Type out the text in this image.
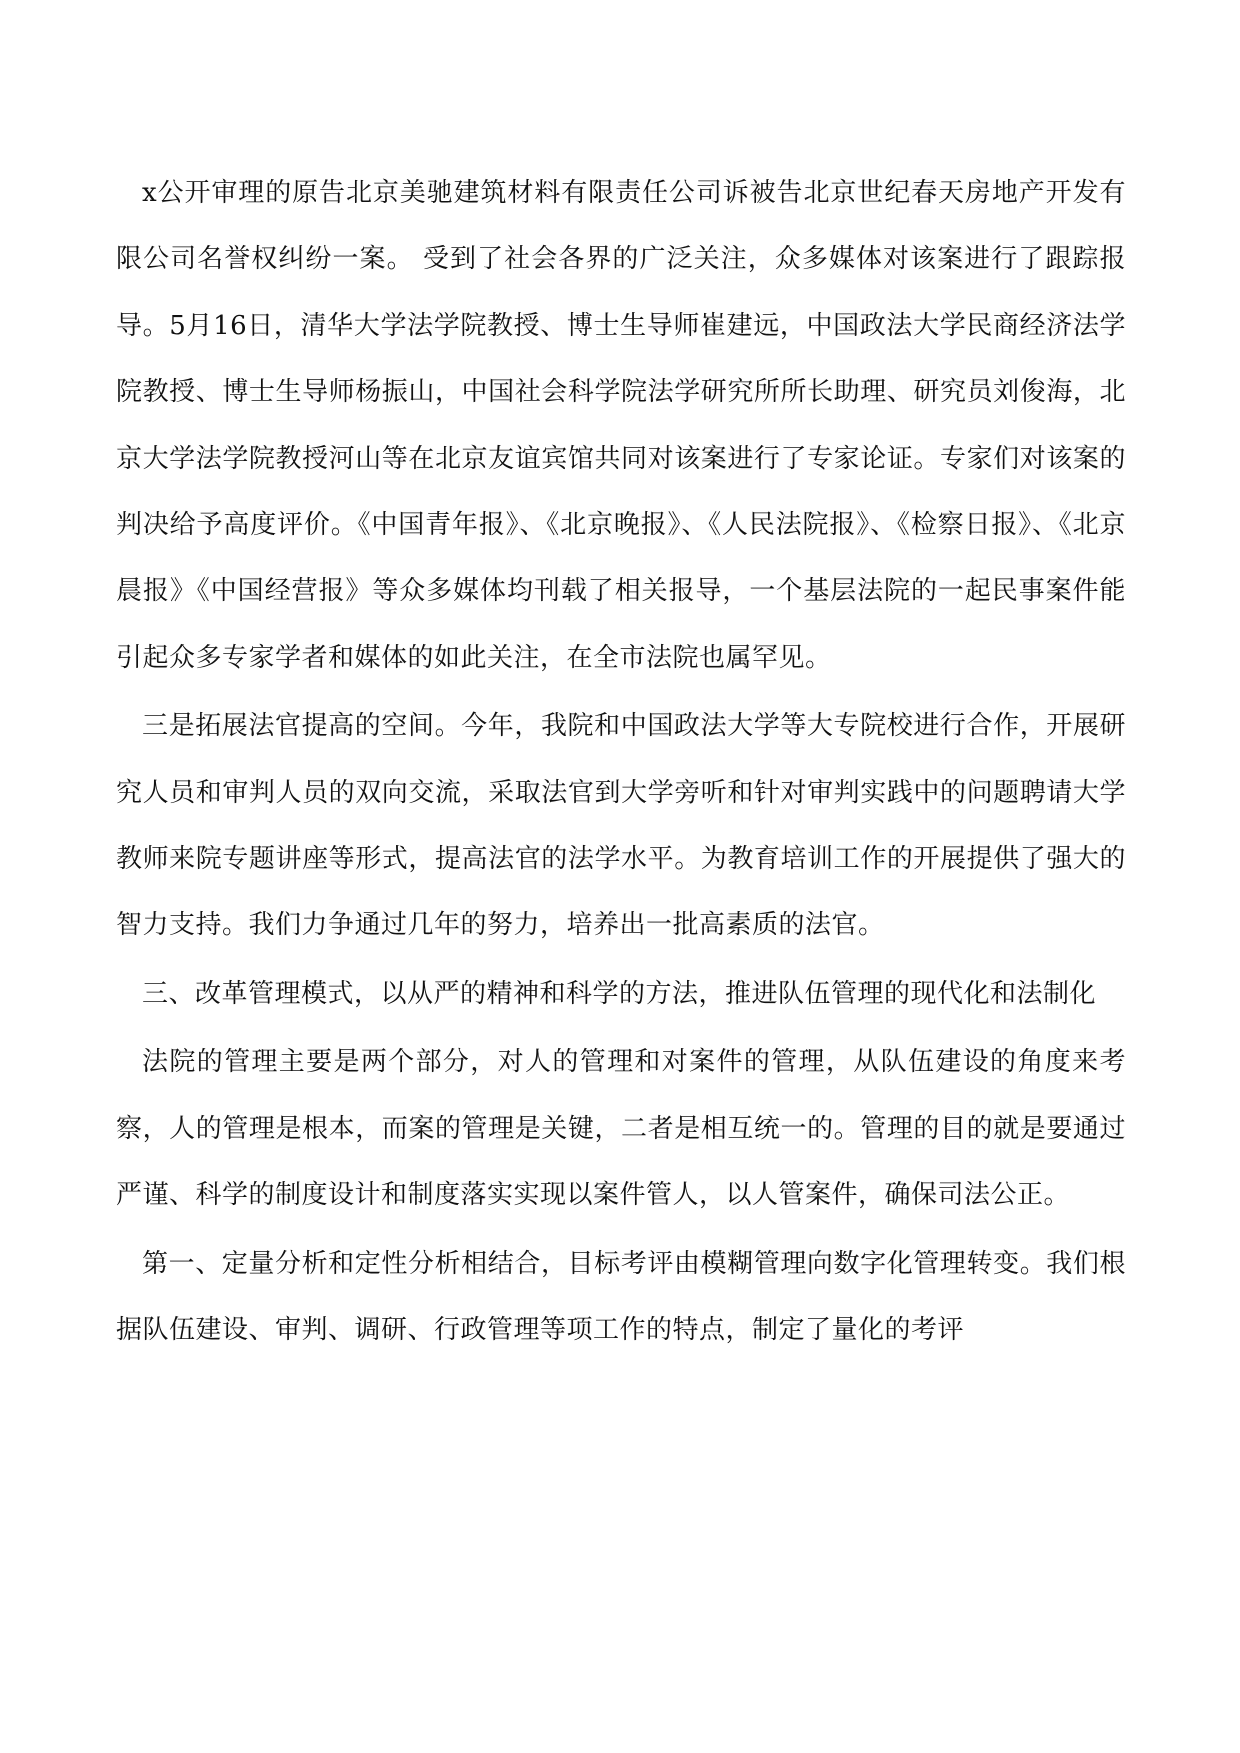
x公开审理的原告北京美驰建筑材料有限责任公司诉被告北京世纪春天房地产开发有限公司名誉权纠纷一案。 受到了社会各界的广泛关注，众多媒体对该案进行了跟踪报导。5月16日，清华大学法学院教授、博士生导师崔建远，中国政法大学民商经济法学院教授、博士生导师杨振山，中国社会科学院法学研究所所长助理、研究员刘俊海，北京大学法学院教授河山等在北京友谊宾馆共同对该案进行了专家论证。专家们对该案的判决给予高度评价。《中国青年报》、《北京晚报》、《人民法院报》、《检察日报》、《北京晨报》《中国经营报》等众多媒体均刊载了相关报导，一个基层法院的一起民事案件能引起众多专家学者和媒体的如此关注，在全市法院也属罕见。

三是拓展法官提高的空间。今年，我院和中国政法大学等大专院校进行合作，开展研究人员和审判人员的双向交流，采取法官到大学旁听和针对审判实践中的问题聘请大学教师来院专题讲座等形式，提高法官的法学水平。为教育培训工作的开展提供了强大的智力支持。我们力争通过几年的努力，培养出一批高素质的法官。

三、改革管理模式，以从严的精神和科学的方法，推进队伍管理的现代化和法制化

法院的管理主要是两个部分，对人的管理和对案件的管理，从队伍建设的角度来考察，人的管理是根本，而案的管理是关键，二者是相互统一的。管理的目的就是要通过严谨、科学的制度设计和制度落实实现以案件管人，以人管案件，确保司法公正。

第一、定量分析和定性分析相结合，目标考评由模糊管理向数字化管理转变。我们根据队伍建设、审判、调研、行政管理等项工作的特点，制定了量化的考评
